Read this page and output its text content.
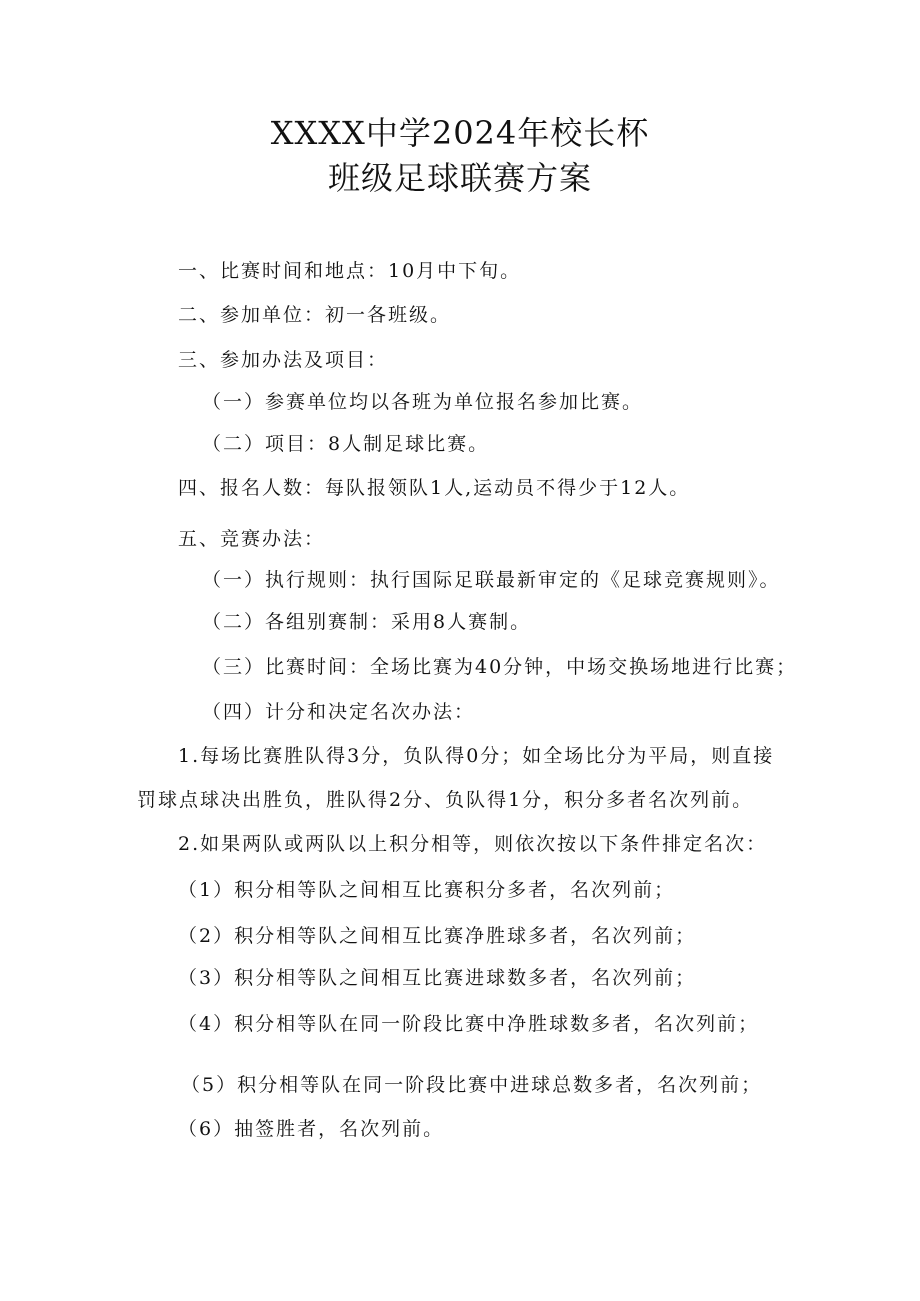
XXXX中学2024年校长杯
班级足球联赛方案
一、比赛时间和地点：10月中下旬。
二、参加单位：初一各班级。
三、参加办法及项目：
（一）参赛单位均以各班为单位报名参加比赛。
（二）项目：8人制足球比赛。
四、报名人数：每队报领队1人,运动员不得少于12人。
五、竞赛办法：
（一）执行规则：执行国际足联最新审定的《足球竞赛规则》。
（二）各组别赛制：采用8人赛制。
（三）比赛时间：全场比赛为40分钟，中场交换场地进行比赛；
（四）计分和决定名次办法：
1.每场比赛胜队得3分，负队得0分；如全场比分为平局，则直接
罚球点球决出胜负，胜队得2分、负队得1分，积分多者名次列前。
2.如果两队或两队以上积分相等，则依次按以下条件排定名次：
（1）积分相等队之间相互比赛积分多者，名次列前；
（2）积分相等队之间相互比赛净胜球多者，名次列前；
（3）积分相等队之间相互比赛进球数多者，名次列前；
（4）积分相等队在同一阶段比赛中净胜球数多者，名次列前；
（5）积分相等队在同一阶段比赛中进球总数多者，名次列前；
（6）抽签胜者，名次列前。
